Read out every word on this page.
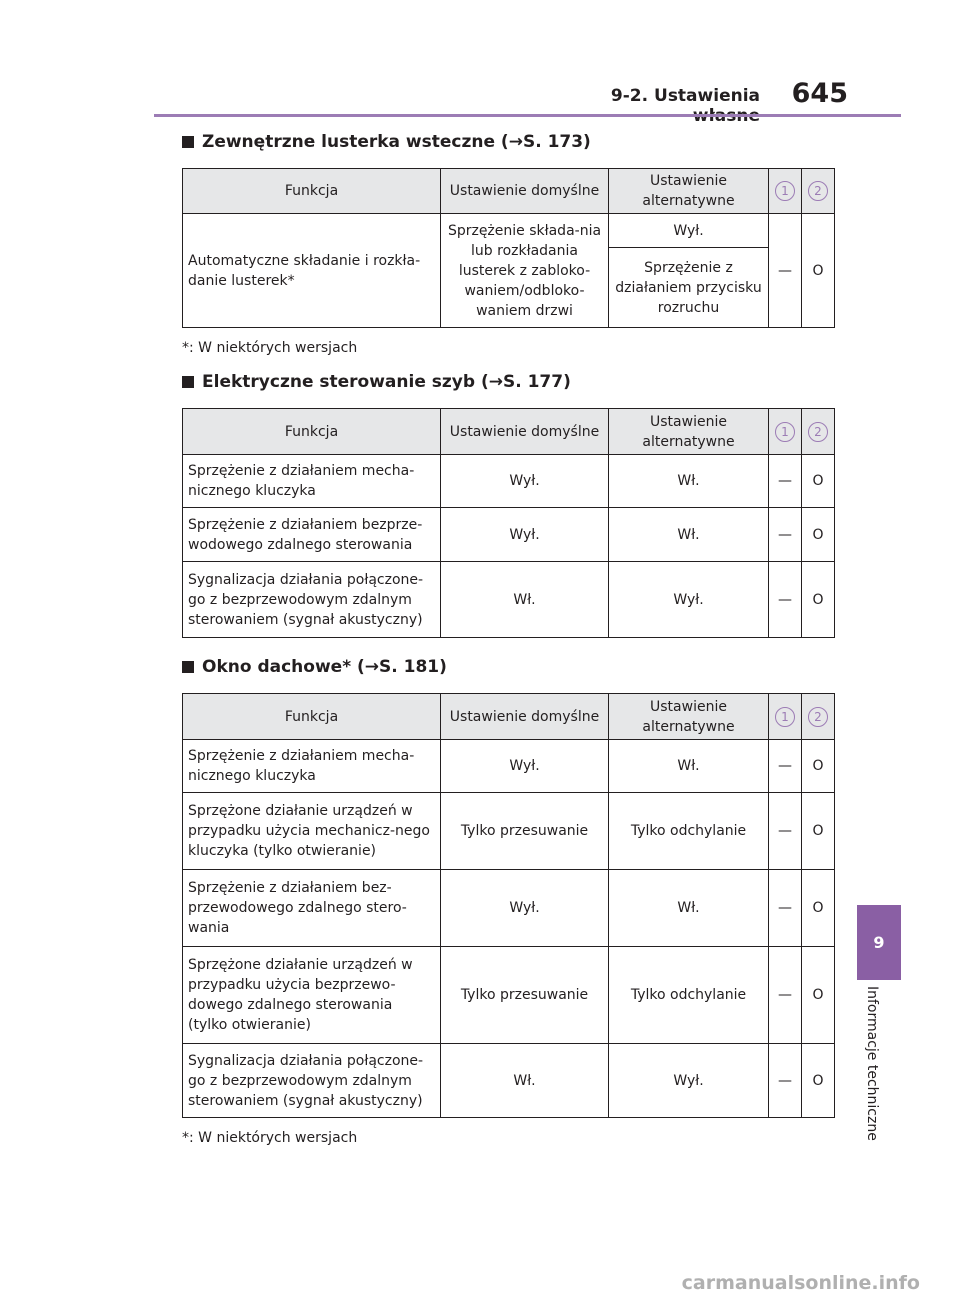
9-2. Ustawienia	645
9
Informacje techniczne
Zewnętrzne lusterka wsteczne (→S. 173)
Funkcja	Ustawienie domyślne	Ustawienie alternatywne	1	2
Automatyczne składanie i rozkła-danie lusterek*	Sprzężenie składa-nia lub rozkładania lusterek z zabloko-waniem/odbloko-waniem drzwi	Wył.	—	O
		Sprzężenie z działaniem przycisku rozruchu		
*: W niektórych wersjach
Elektryczne sterowanie szyb (→S. 177)
Funkcja	Ustawienie domyślne	Ustawienie alternatywne	1	2
Sprzężenie z działaniem mecha-nicznego kluczyka	Wył.	Wł.	—	O
Sprzężenie z działaniem bezprze-wodowego zdalnego sterowania	Wył.	Wł.	—	O
Sygnalizacja działania połączone-go z bezprzewodowym zdalnym sterowaniem (sygnał akustyczny)	Wł.	Wył.	—	O
Okno dachowe* (→S. 181)
Funkcja	Ustawienie domyślne	Ustawienie alternatywne	1	2
Sprzężenie z działaniem mecha-nicznego kluczyka	Wył.	Wł.	—	O
Sprzężone działanie urządzeń w przypadku użycia mechanicz-nego kluczyka (tylko otwieranie)	Tylko przesuwanie	Tylko odchylanie	—	O
Sprzężenie z działaniem bez-przewodowego zdalnego stero-wania	Wył.	Wł.	—	O
Sprzężone działanie urządzeń w przypadku użycia bezprzewo-dowego zdalnego sterowania (tylko otwieranie)	Tylko przesuwanie	Tylko odchylanie	—	O
Sygnalizacja działania połączone-go z bezprzewodowym zdalnym sterowaniem (sygnał akustyczny)	Wł.	Wył.	—	O
*: W niektórych wersjach
carmanualsonline.info
